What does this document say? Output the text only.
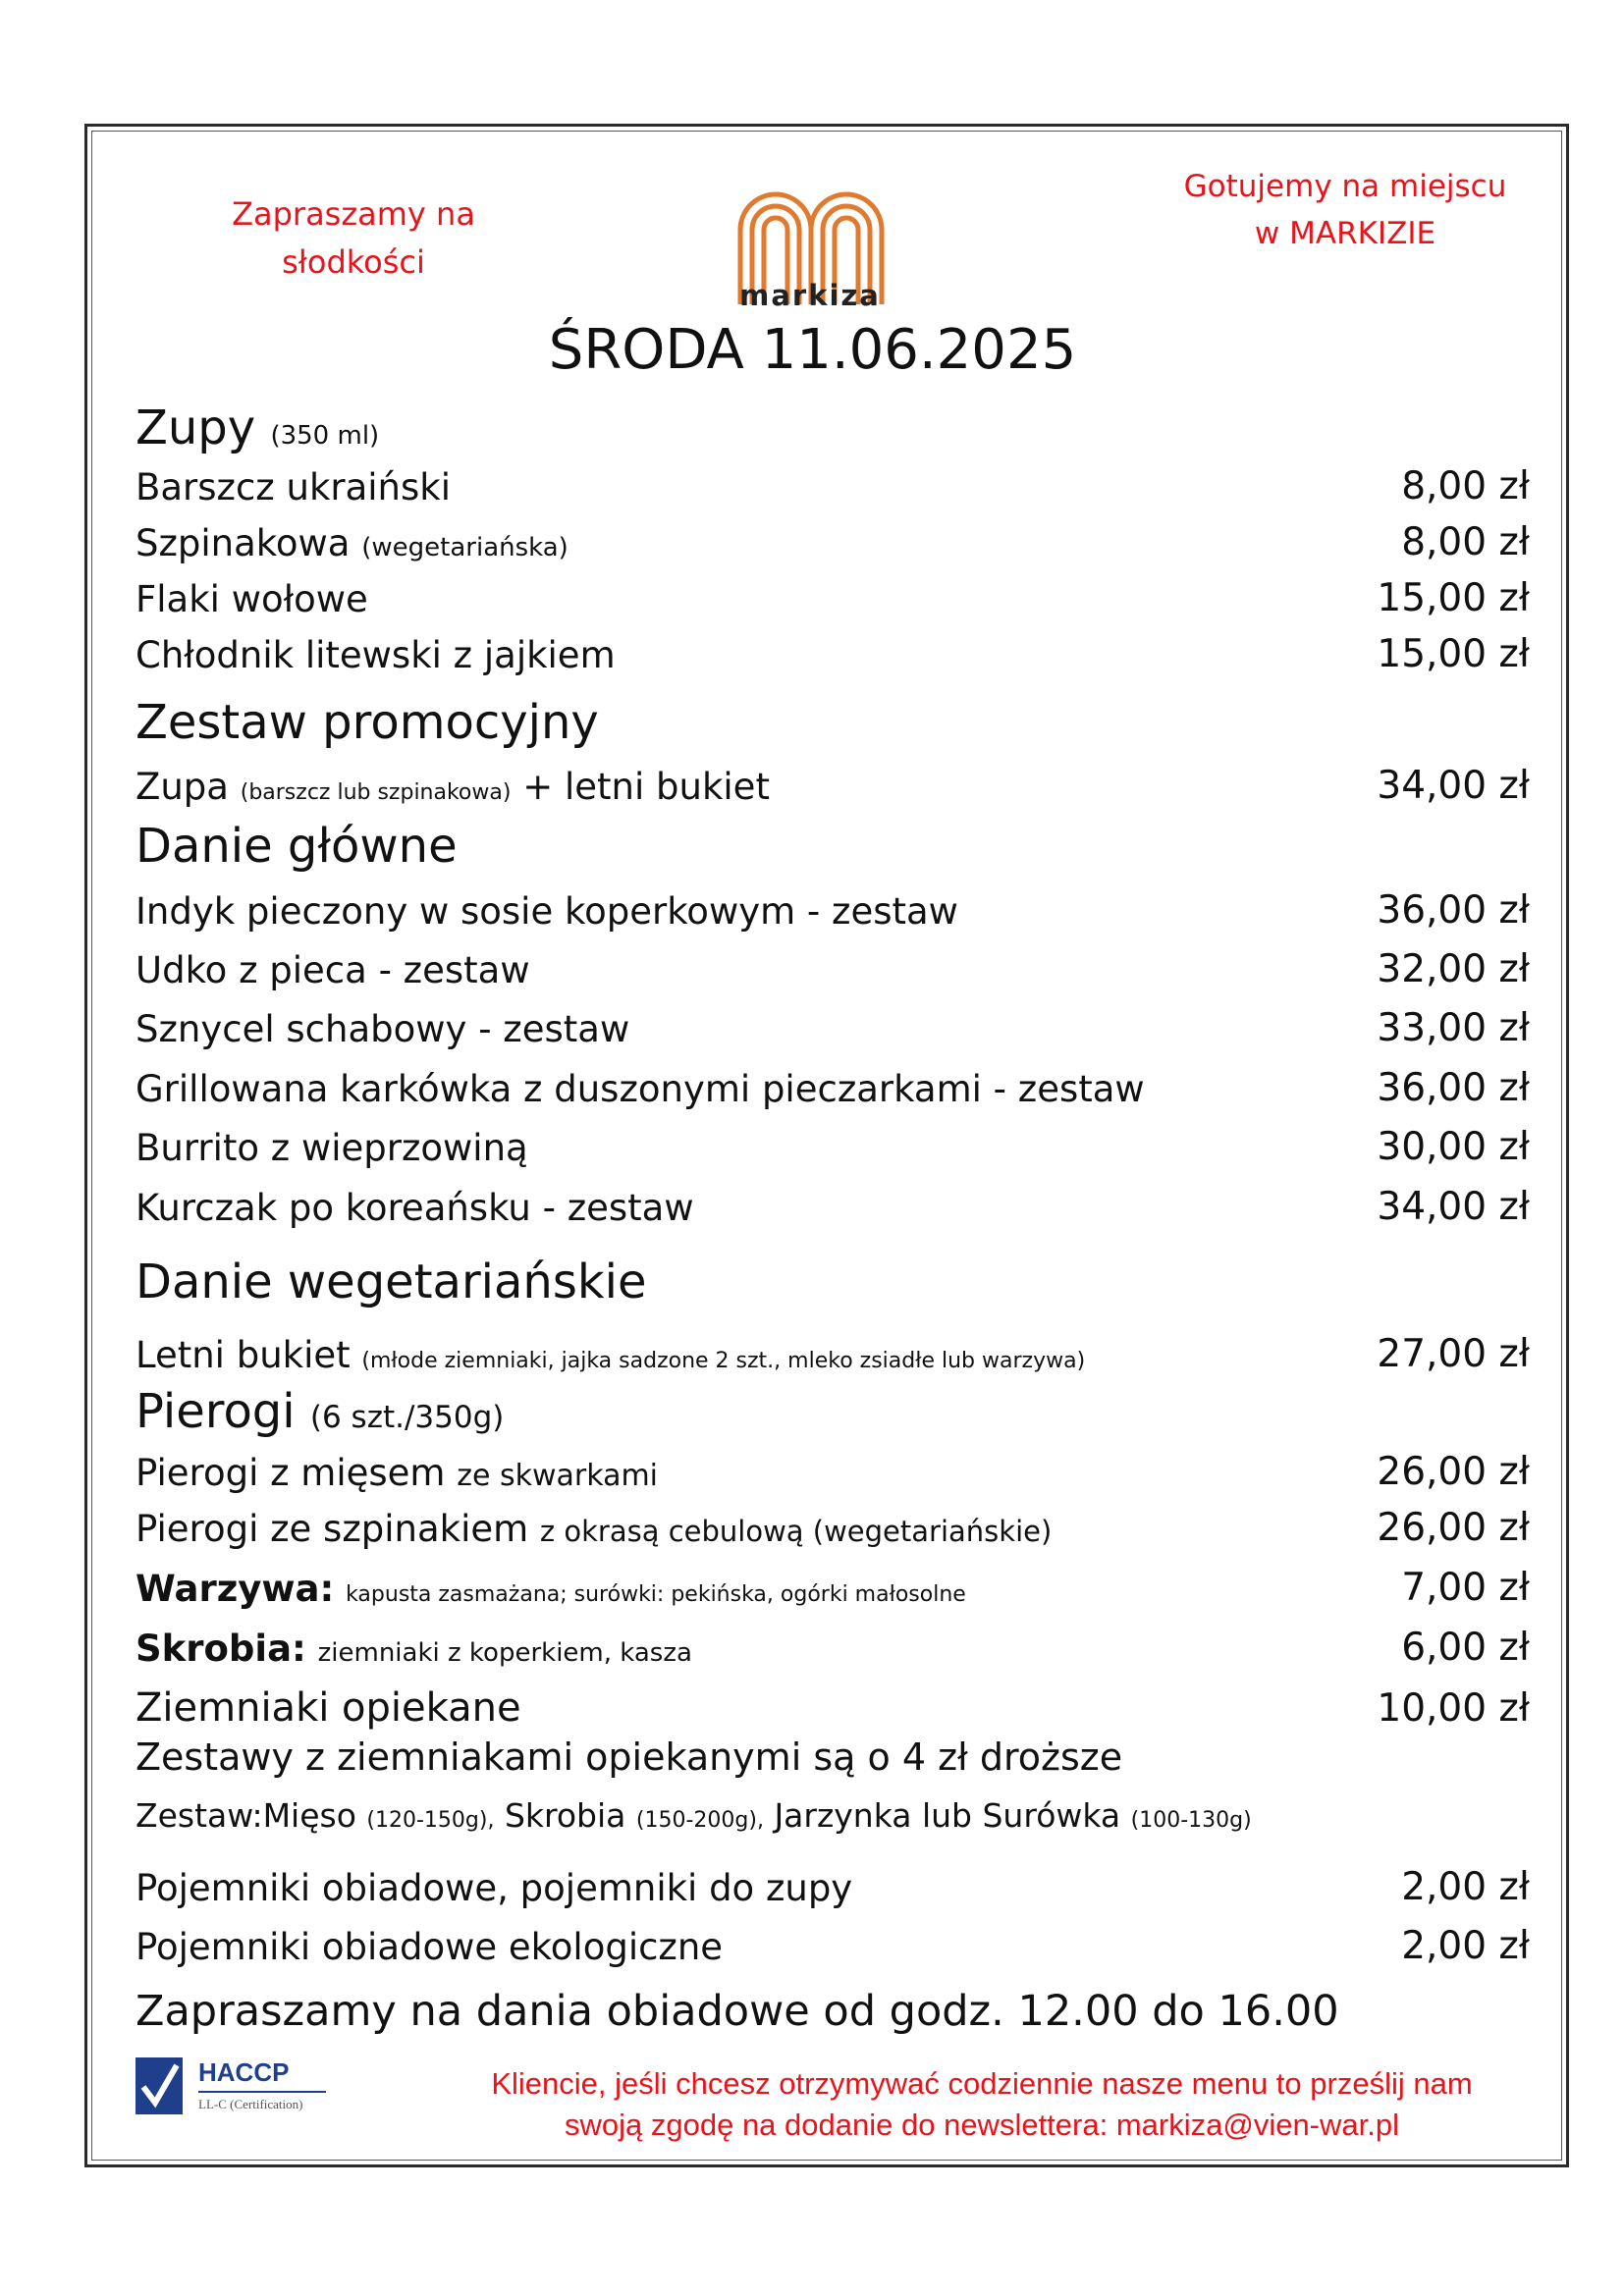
Zapraszamy na
słodkości
markiza
Gotujemy na miejscu
w MARKIZIE
ŚRODA 11.06.2025
Zupy (350 ml)
Barszcz ukraiński	8,00 zł
Szpinakowa (wegetariańska)	8,00 zł
Flaki wołowe	15,00 zł
Chłodnik litewski z jajkiem	15,00 zł
Zestaw promocyjny
Zupa (barszcz lub szpinakowa) + letni bukiet	34,00 zł
Danie główne
Indyk pieczony w sosie koperkowym - zestaw	36,00 zł
Udko z pieca - zestaw	32,00 zł
Sznycel schabowy - zestaw	33,00 zł
Grillowana karkówka z duszonymi pieczarkami - zestaw	36,00 zł
Burrito z wieprzowiną	30,00 zł
Kurczak po koreańsku - zestaw	34,00 zł
Danie wegetariańskie
Letni bukiet (młode ziemniaki, jajka sadzone 2 szt., mleko zsiadłe lub warzywa)	27,00 zł
Pierogi (6 szt./350g)
Pierogi z mięsem ze skwarkami	26,00 zł
Pierogi ze szpinakiem z okrasą cebulową (wegetariańskie)	26,00 zł
Warzywa: kapusta zasmażana; surówki: pekińska, ogórki małosolne	7,00 zł
Skrobia: ziemniaki z koperkiem, kasza	6,00 zł
Ziemniaki opiekane	10,00 zł
Zestawy z ziemniakami opiekanymi są o 4 zł droższe
Zestaw:Mięso (120-150g), Skrobia (150-200g), Jarzynka lub Surówka (100-130g)
Pojemniki obiadowe, pojemniki do zupy	2,00 zł
Pojemniki obiadowe ekologiczne	2,00 zł
Zapraszamy na dania obiadowe od godz. 12.00 do 16.00
HACCP
LL-C (Certification)
Kliencie, jeśli chcesz otrzymywać codziennie nasze menu to prześlij nam
swoją zgodę na dodanie do newslettera: markiza@vien-war.pl
